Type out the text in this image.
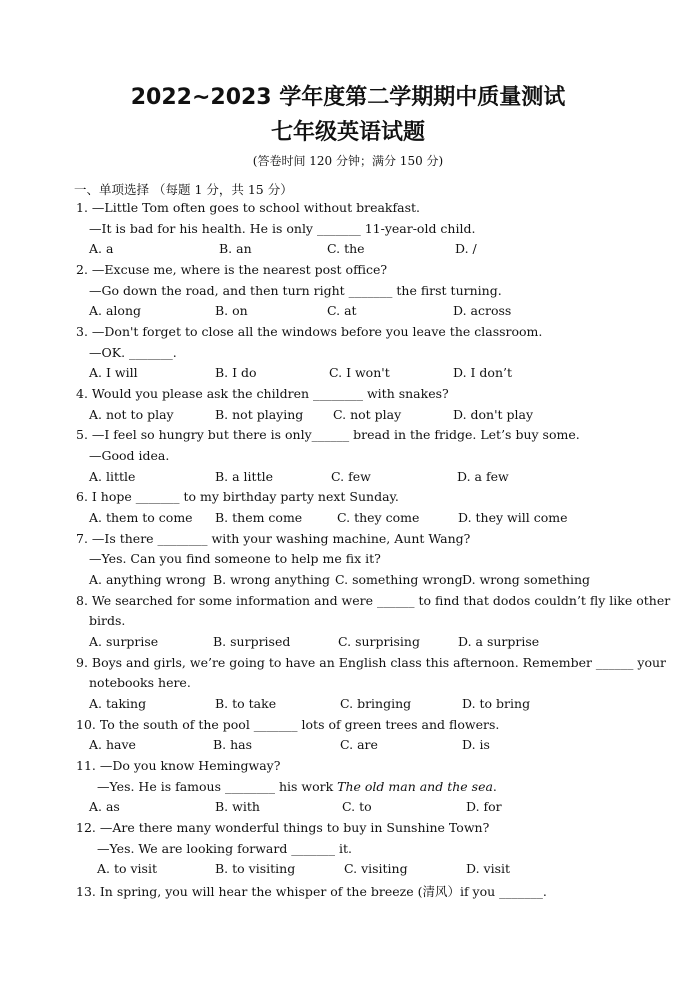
2022~2023 学年度第二学期期中质量测试
七年级英语试题
(答卷时间 120 分钟；满分 150 分)
一、单项选择 （每题 1 分，共 15 分）
1. —Little Tom often goes to school without breakfast.
—It is bad for his health. He is only _______ 11-year-old child.
A. a	B. an	C. the	D. /
2. —Excuse me, where is the nearest post office?
—Go down the road, and then turn right _______ the first turning.
A. along	B. on	C. at	D. across
3. —Don't forget to close all the windows before you leave the classroom.
—OK. _______.
A. I will	B. I do	C. I won't	D. I don’t
4. Would you please ask the children ________ with snakes?
A. not to play	B. not playing C. not play	D. don't play
5. —I feel so hungry but there is only______ bread in the fridge. Let’s buy some.
—Good idea.
A. little	B. a little	C. few	D. a few
6. I hope _______ to my birthday party next Sunday.
A. them to come B. them come	C. they come	D. they will come
7. —Is there ________ with your washing machine, Aunt Wang?
—Yes. Can you find someone to help me fix it?
A. anything wrong B. wrong anything C. something wrong D. wrong something
8. We searched for some information and were ______ to find that dodos couldn’t fly like other
birds.
A. surprise	B. surprised	C. surprising	D. a surprise
9. Boys and girls, we’re going to have an English class this afternoon. Remember ______ your
notebooks here.
A. taking	B. to take	C. bringing	D. to bring
10. To the south of the pool _______ lots of green trees and flowers.
A. have	B. has	C. are	D. is
11. —Do you know Hemingway?
—Yes. He is famous ________ his work The old man and the sea.
A. as	B. with	C. to	D. for
12. —Are there many wonderful things to buy in Sunshine Town?
—Yes. We are looking forward _______ it.
A. to visit	B. to visiting	C. visiting	D. visit
13. In spring, you will hear the whisper of the breeze (清风）if you _______.
